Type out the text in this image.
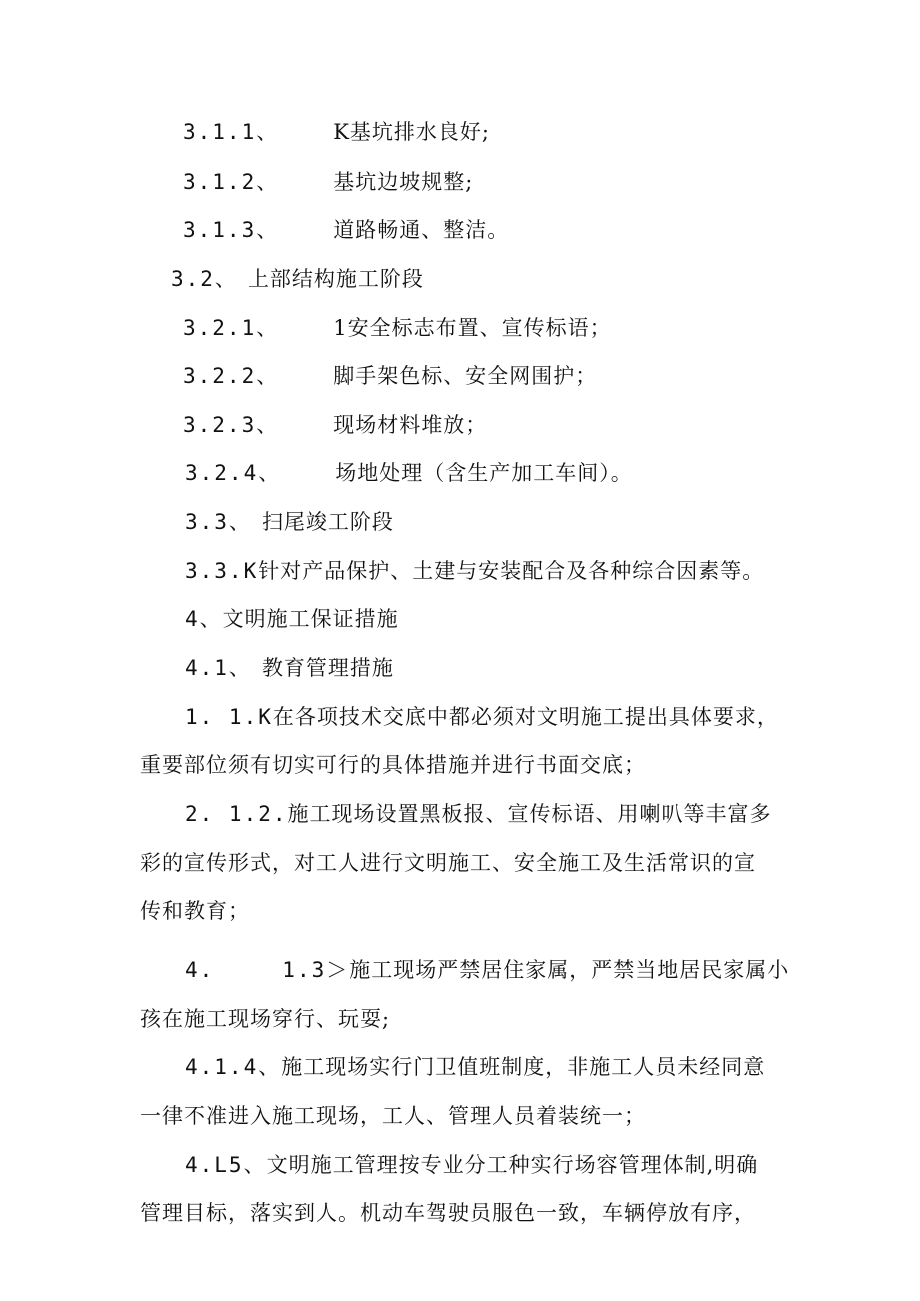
3.1.1、	K基坑排水良好;
3.1.2、	基坑边坡规整;
3.1.3、	道路畅通、整洁。
3.2、 上部结构施工阶段
3.2.1、	1安全标志布置、宣传标语；
3.2.2、	脚手架色标、安全网围护；
3.2.3、	现场材料堆放；
3.2.4、	场地处理（含生产加工车间）。
3.3、 扫尾竣工阶段
3.3.K针对产品保护、土建与安装配合及各种综合因素等。
4、文明施工保证措施
4.1、 教育管理措施
1. 1.K在各项技术交底中都必须对文明施工提出具体要求，
重要部位须有切实可行的具体措施并进行书面交底；
2. 1.2.施工现场设置黑板报、宣传标语、用喇叭等丰富多
彩的宣传形式，对工人进行文明施工、安全施工及生活常识的宣
传和教育；
4.	1.3＞施工现场严禁居住家属，严禁当地居民家属小
孩在施工现场穿行、玩耍;
4.1.4、施工现场实行门卫值班制度，非施工人员未经同意
一律不准进入施工现场，工人、管理人员着装统一；
4.L5、文明施工管理按专业分工种实行场容管理体制,明确
管理目标，落实到人。机动车驾驶员服色一致，车辆停放有序，
